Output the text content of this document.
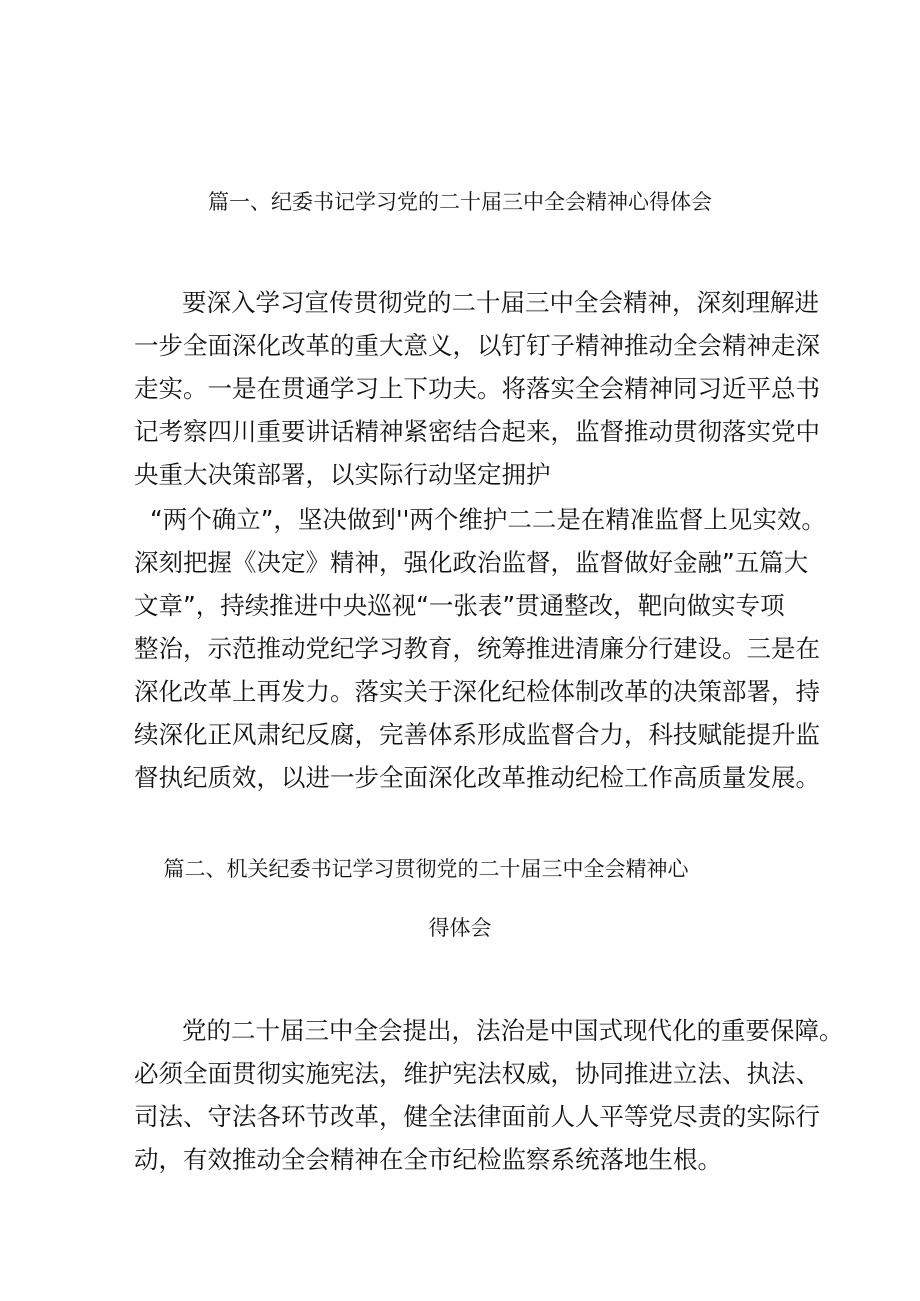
篇一、纪委书记学习党的二十届三中全会精神心得体会
要深入学习宣传贯彻党的二十届三中全会精神，深刻理解进
一步全面深化改革的重大意义，以钉钉子精神推动全会精神走深
走实。一是在贯通学习上下功夫。将落实全会精神同习近平总书
记考察四川重要讲话精神紧密结合起来，监督推动贯彻落实党中
央重大决策部署，以实际行动坚定拥护
“两个确立”，坚决做到''两个维护二二是在精准监督上见实效。
深刻把握《决定》精神，强化政治监督，监督做好金融”五篇大
文章”，持续推进中央巡视“一张表”贯通整改，靶向做实专项
整治，示范推动党纪学习教育，统筹推进清廉分行建设。三是在
深化改革上再发力。落实关于深化纪检体制改革的决策部署，持
续深化正风肃纪反腐，完善体系形成监督合力，科技赋能提升监
督执纪质效，以进一步全面深化改革推动纪检工作高质量发展。
篇二、机关纪委书记学习贯彻党的二十届三中全会精神心
得体会
党的二十届三中全会提出，法治是中国式现代化的重要保障。
必须全面贯彻实施宪法，维护宪法权威，协同推进立法、执法、
司法、守法各环节改革，健全法律面前人人平等党尽责的实际行
动，有效推动全会精神在全市纪检监察系统落地生根。
